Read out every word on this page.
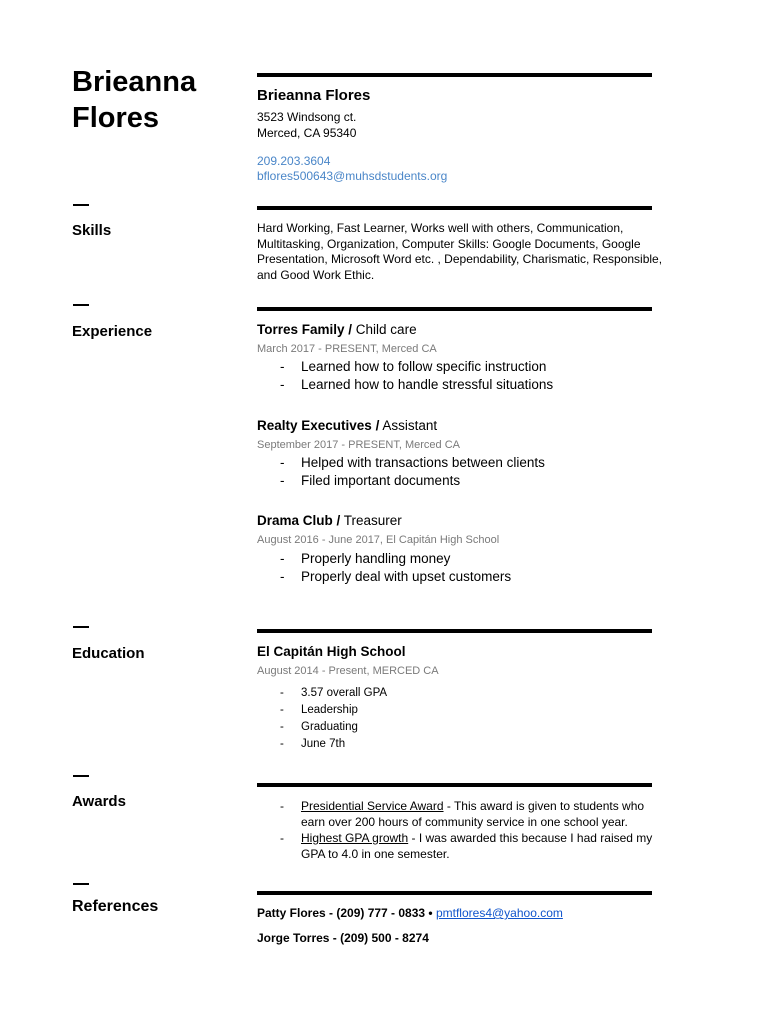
Brieanna
Flores
Brieanna Flores
3523 Windsong ct.
Merced, CA 95340
209.203.3604
bflores500643@muhsdstudents.org
Skills	Hard Working, Fast Learner, Works well with others, Communication, Multitasking, Organization, Computer Skills: Google Documents, Google Presentation, Microsoft Word etc. , Dependability, Charismatic, Responsible, and Good Work Ethic.
Experience	Torres Family / Child care
March 2017 - PRESENT, Merced CA
- Learned how to follow specific instruction
- Learned how to handle stressful situations
Realty Executives / Assistant
September 2017 - PRESENT, Merced CA
- Helped with transactions between clients
- Filed important documents
Drama Club / Treasurer
August 2016 - June 2017, El Capitán High School
- Properly handling money
- Properly deal with upset customers
Education	El Capitán High School
August 2014 - Present, MERCED CA
- 3.57 overall GPA
- Leadership
- Graduating
- June 7th
Awards
-	Presidential Service Award - This award is given to students who earn over 200 hours of community service in one school year.
- Highest GPA growth - I was awarded this because I had raised my GPA to 4.0 in one semester.
References	Patty Flores - (209) 777 - 0833 • pmtflores4@yahoo.com
Jorge Torres - (209) 500 - 8274
